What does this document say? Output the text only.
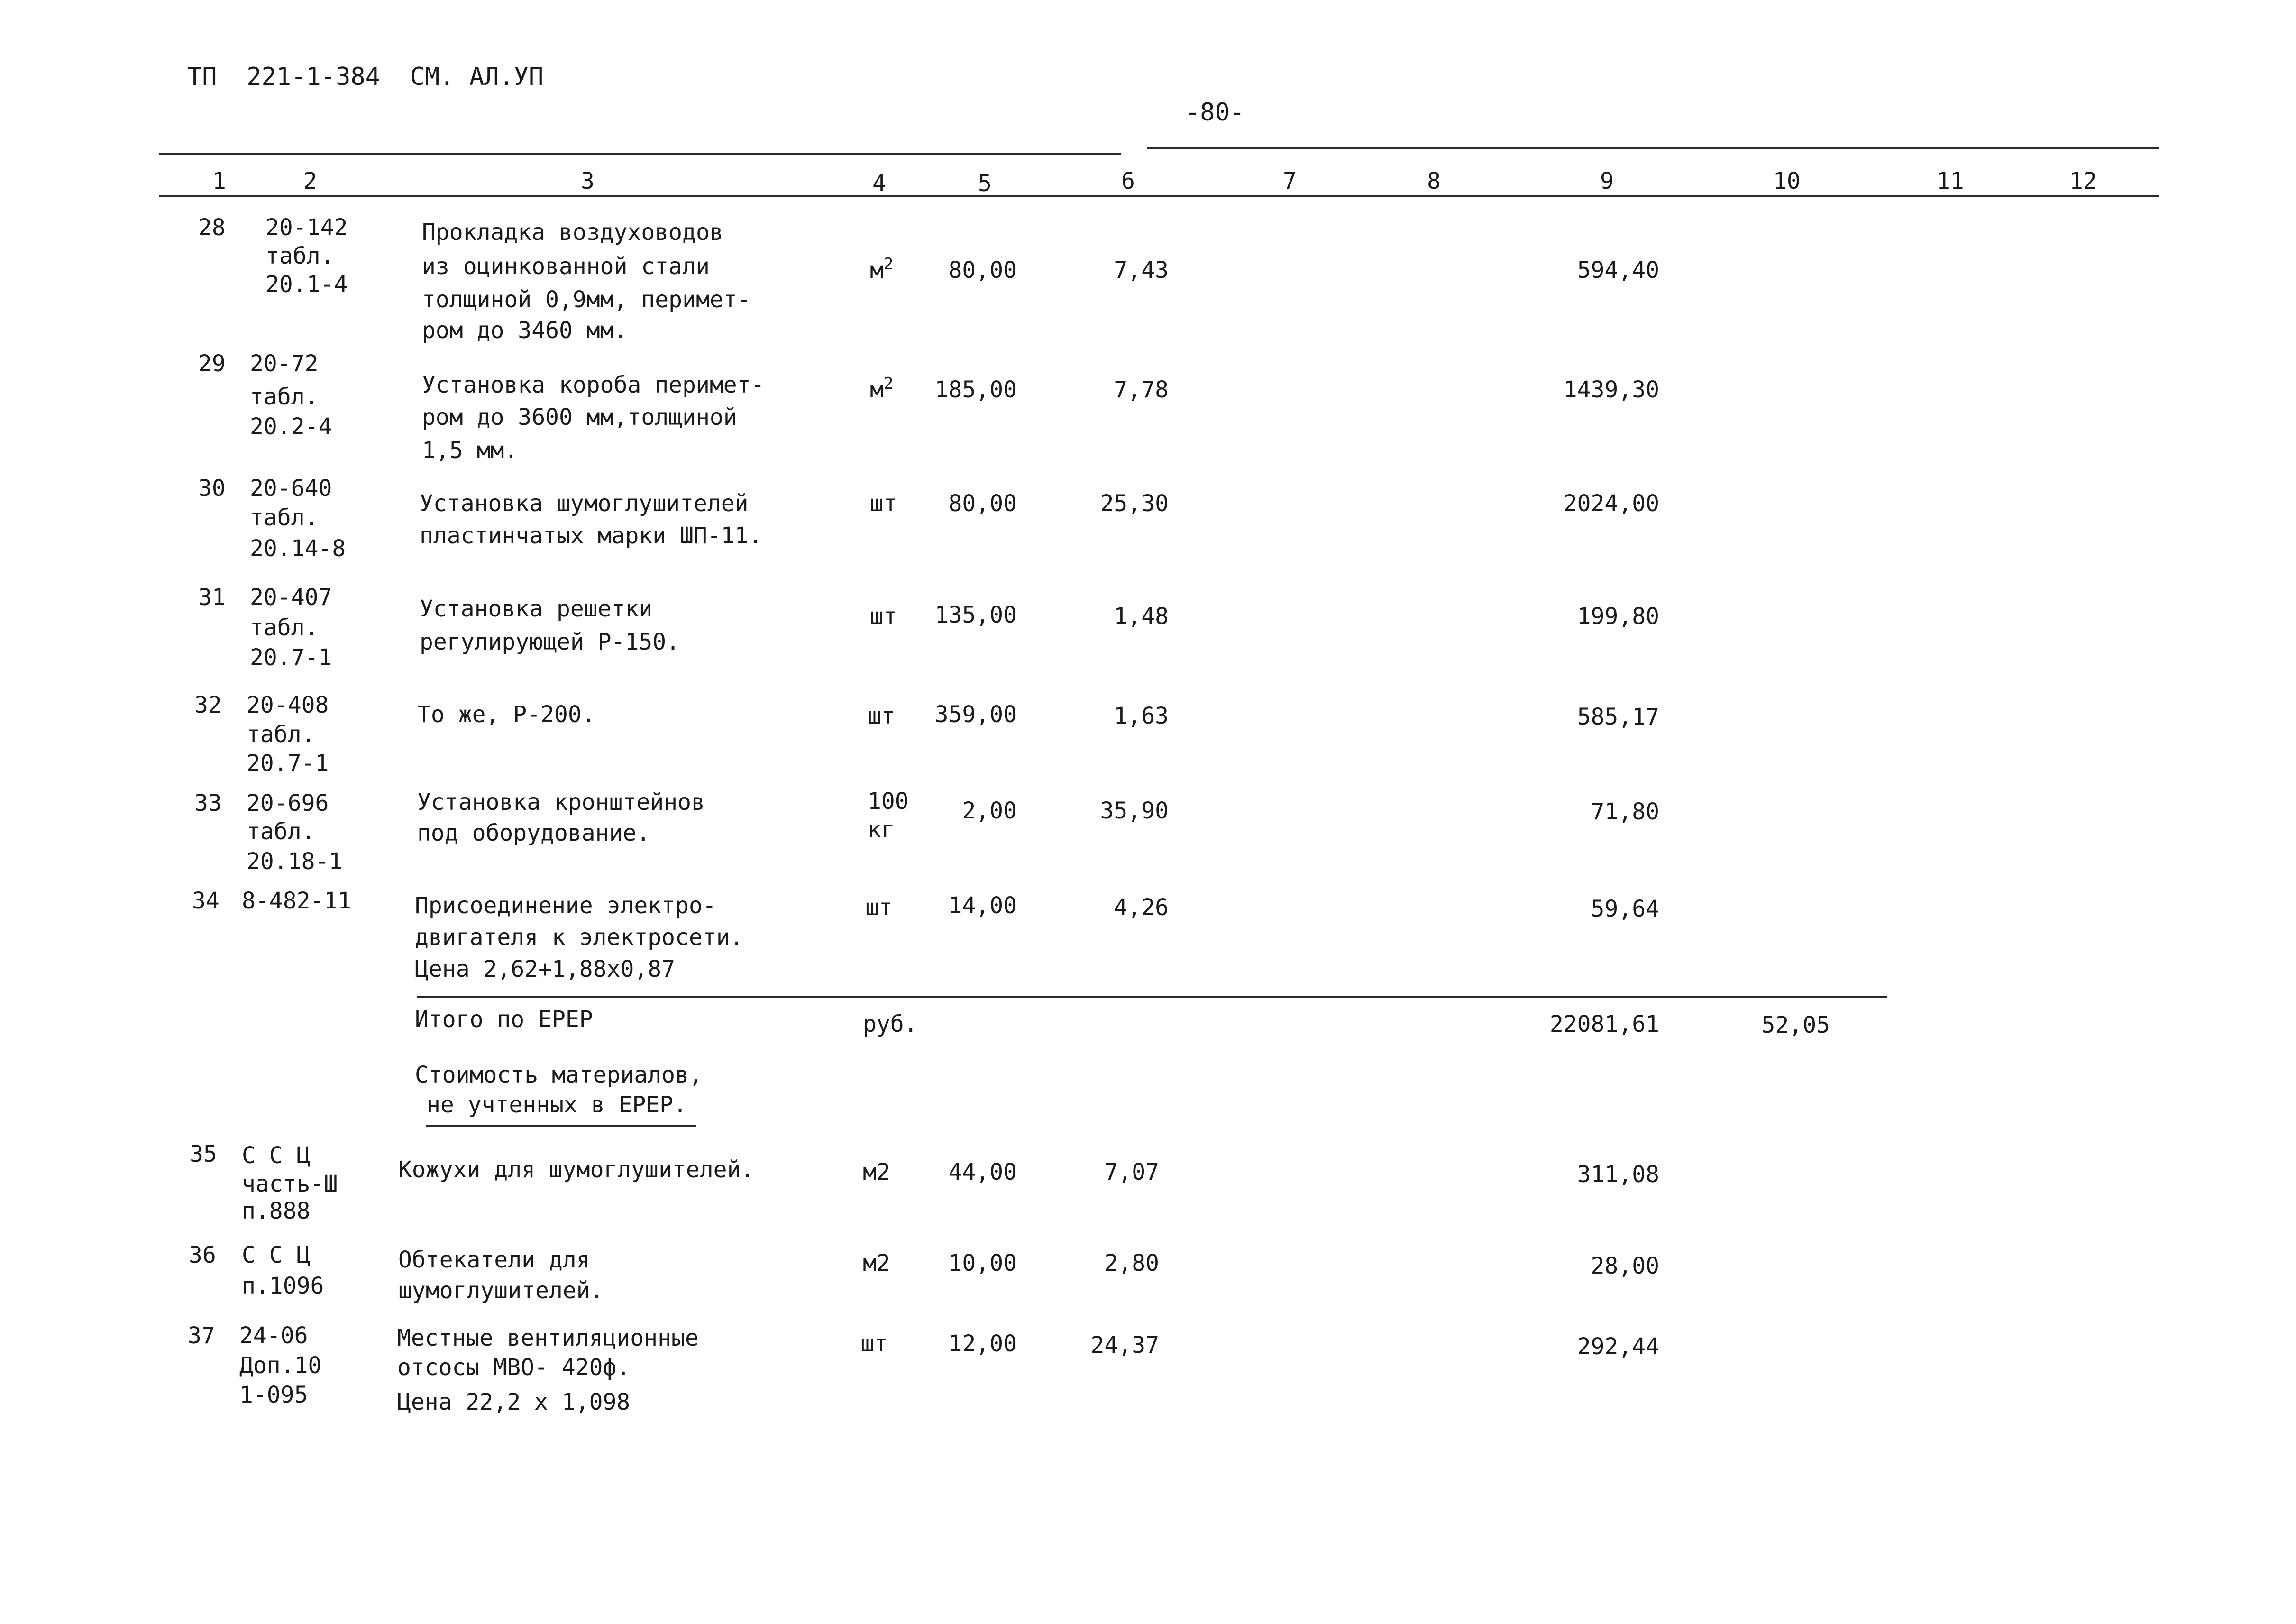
ТП  221-1-384  СМ. АЛ.УП
-80-
1	2	3	4	5	6	7	8	9	10	11	12
28 20-142
табл.
20.1-4
Прокладка воздуховодов
из оцинкованной стали
толщиной 0,9мм, перимет-
ром до 3460 мм.
$м^2$	80,00	7,43	594,40
29 20-72
табл.
20.2-4
Установка короба перимет-
ром до 3600 мм,толщиной
1,5 мм.
$м^2$ 185,00	7,78	1439,30
30 20-640
табл.
20.14-8
Установка шумоглушителей
пластинчатых марки ШП-11.
шт	80,00	25,30	2024,00
31 20-407
табл.
20.7-1
Установка решетки
регулирующей Р-150.
шт 135,00	1,48	199,80
32 20-408
табл.
20.7-1
То же, Р-200.	шт 359,00	1,63	585,17
33 20-696
табл.
20.18-1
Установка кронштейнов
под оборудование.
100
кг
2,00	35,90	71,80
34 8-482-11	Присоединение электро-
двигателя к электросети.
Цена 2,62+1,88х0,87
шт	14,00	4,26	59,64
Итого по ЕРЕР	руб.	22081,61	52,05
Стоимость материалов,
не учтенных в ЕРЕР.
35 С С Ц
часть-Ш
п.888
Кожухи для шумоглушителей.	м2	44,00	7,07	311,08
36 С С Ц
п.1096
Обтекатели для
шумоглушителей.
м2	10,00	2,80	28,00
37 24-06
Доп.10
1-095
Местные вентиляционные
отсосы МВО- 420ф.
Цена 22,2 х 1,098
шт	12,00	24,37	292,44
